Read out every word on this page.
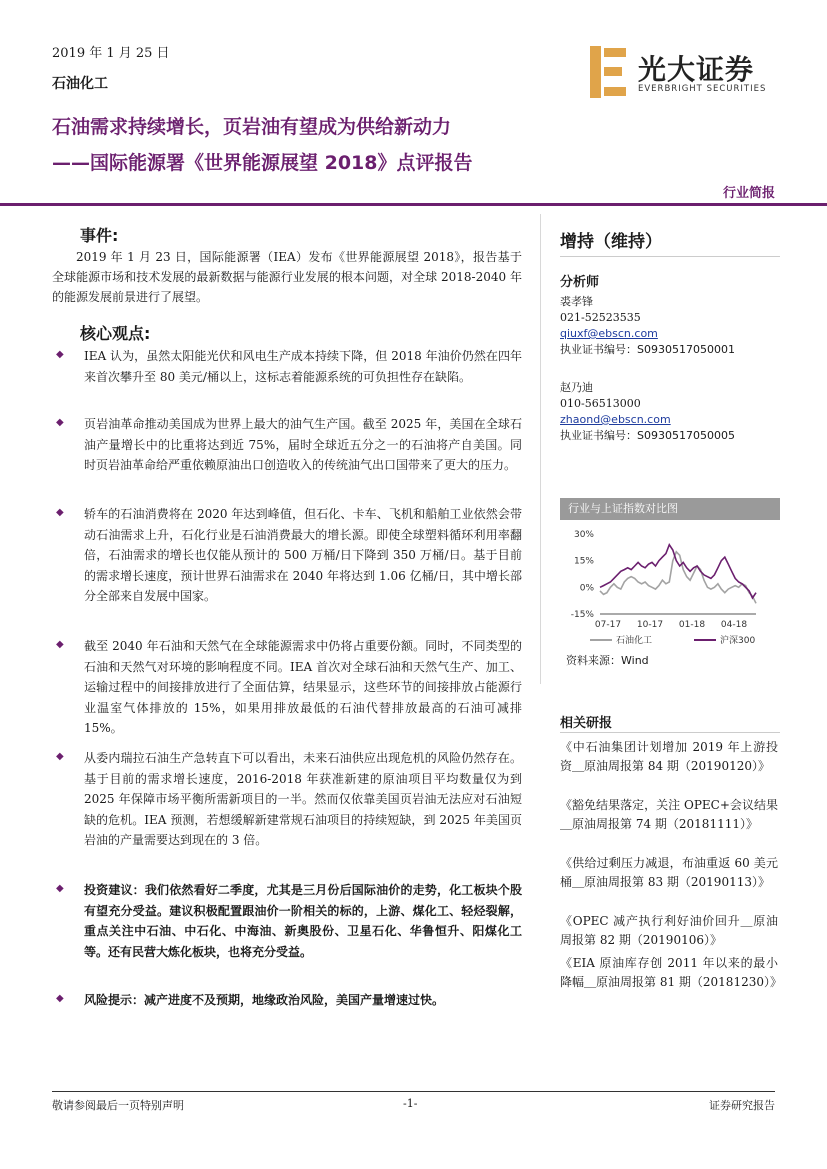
2019 年 1 月 25 日
石油化工	光大证券
EVERBRIGHT SECURITIES
石油需求持续增长，页岩油有望成为供给新动力
——国际能源署《世界能源展望 2018》点评报告
行业简报
事件:
2019 年 1 月 23 日，国际能源署（IEA）发布《世界能源展望 2018》，报告基于全球能源市场和技术发展的最新数据与能源行业发展的根本问题，对全球 2018-2040 年的能源发展前景进行了展望。
核心观点:
◆ IEA 认为，虽然太阳能光伏和风电生产成本持续下降，但 2018 年油价仍然在四年来首次攀升至 80 美元/桶以上，这标志着能源系统的可负担性存在缺陷。
◆ 页岩油革命推动美国成为世界上最大的油气生产国。截至 2025 年，美国在全球石油产量增长中的比重将达到近 75%，届时全球近五分之一的石油将产自美国。同时页岩油革命给严重依赖原油出口创造收入的传统油气出口国带来了更大的压力。
◆ 轿车的石油消费将在 2020 年达到峰值，但石化、卡车、飞机和船舶工业依然会带动石油需求上升，石化行业是石油消费最大的增长源。即使全球塑料循环利用率翻倍，石油需求的增长也仅能从预计的 500 万桶/日下降到 350 万桶/日。基于目前的需求增长速度，预计世界石油需求在 2040 年将达到 1.06 亿桶/日，其中增长部分全部来自发展中国家。
◆ 截至 2040 年石油和天然气在全球能源需求中仍将占重要份额。同时，不同类型的石油和天然气对环境的影响程度不同。IEA 首次对全球石油和天然气生产、加工、运输过程中的间接排放进行了全面估算，结果显示，这些环节的间接排放占能源行业温室气体排放的 15%，如果用排放最低的石油代替排放最高的石油可减排 15%。
◆ 从委内瑞拉石油生产急转直下可以看出，未来石油供应出现危机的风险仍然存在。基于目前的需求增长速度，2016-2018 年获准新建的原油项目平均数量仅为到 2025 年保障市场平衡所需新项目的一半。然而仅依靠美国页岩油无法应对石油短缺的危机。IEA 预测，若想缓解新建常规石油项目的持续短缺，到 2025 年美国页岩油的产量需要达到现在的 3 倍。
◆ 投资建议：我们依然看好二季度，尤其是三月份后国际油价的走势，化工板块个股有望充分受益。建议积极配置跟油价一阶相关的标的，上游、煤化工、轻烃裂解，重点关注中石油、中石化、中海油、新奥股份、卫星石化、华鲁恒升、阳煤化工等。还有民营大炼化板块，也将充分受益。
◆ 风险提示：减产进度不及预期，地缘政治风险，美国产量增速过快。
增持（维持）
分析师
裘孝锋
021-52523535
qiuxf@ebscn.com
执业证书编号：S0930517050001
赵乃迪
010-56513000
zhaond@ebscn.com
执业证书编号：S0930517050005
行业与上证指数对比图
30%
15%
0%
-15%
07-17 10-17 01-18 04-18
石油化工	沪深300
资料来源：Wind
相关研报
《中石油集团计划增加 2019 年上游投资＿原油周报第 84 期（20190120）》
《豁免结果落定，关注 OPEC+会议结果＿原油周报第 74 期（20181111）》
《供给过剩压力减退，布油重返 60 美元桶＿原油周报第 83 期（20190113）》
《OPEC 减产执行利好油价回升＿原油周报第 82 期（20190106）》
《EIA 原油库存创 2011 年以来的最小降幅＿原油周报第 81 期（20181230）》
敬请参阅最后一页特别声明	-1-	证券研究报告
